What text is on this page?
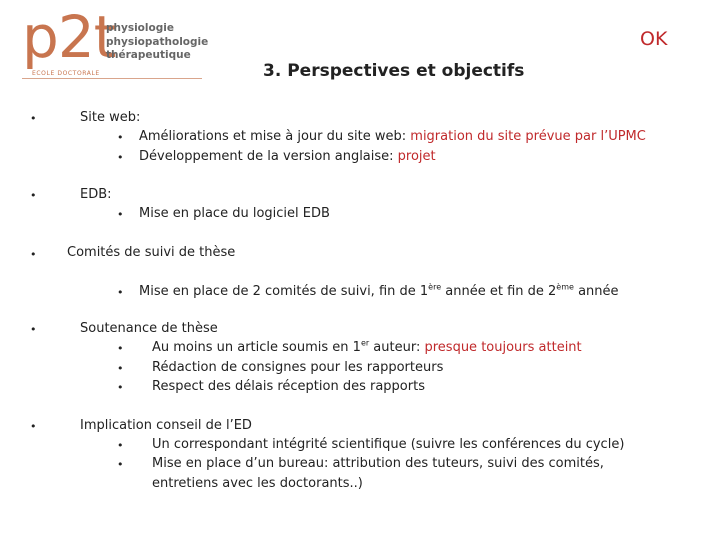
p2t
physiologie
physiopathologie
thérapeutique
ECOLE DOCTORALE
OK
3. Perspectives et objectifs
•	Site web:
• Améliorations et mise à jour du site web: migration du site prévue par l’UPMC
• Développement de la version anglaise: projet
•	EDB:
• Mise en place du logiciel EDB
• Comités de suivi de thèse
• Mise en place de 2 comités de suivi, fin de 1ère année et fin de 2ème année
•	Soutenance de thèse
• Au moins un article soumis en 1er auteur: presque toujours atteint
• Rédaction de consignes pour les rapporteurs
• Respect des délais réception des rapports
•	Implication conseil de l’ED
• Un correspondant intégrité scientifique (suivre les conférences du cycle)
• Mise en place d’un bureau: attribution des tuteurs, suivi des comités,
entretiens avec les doctorants..)
